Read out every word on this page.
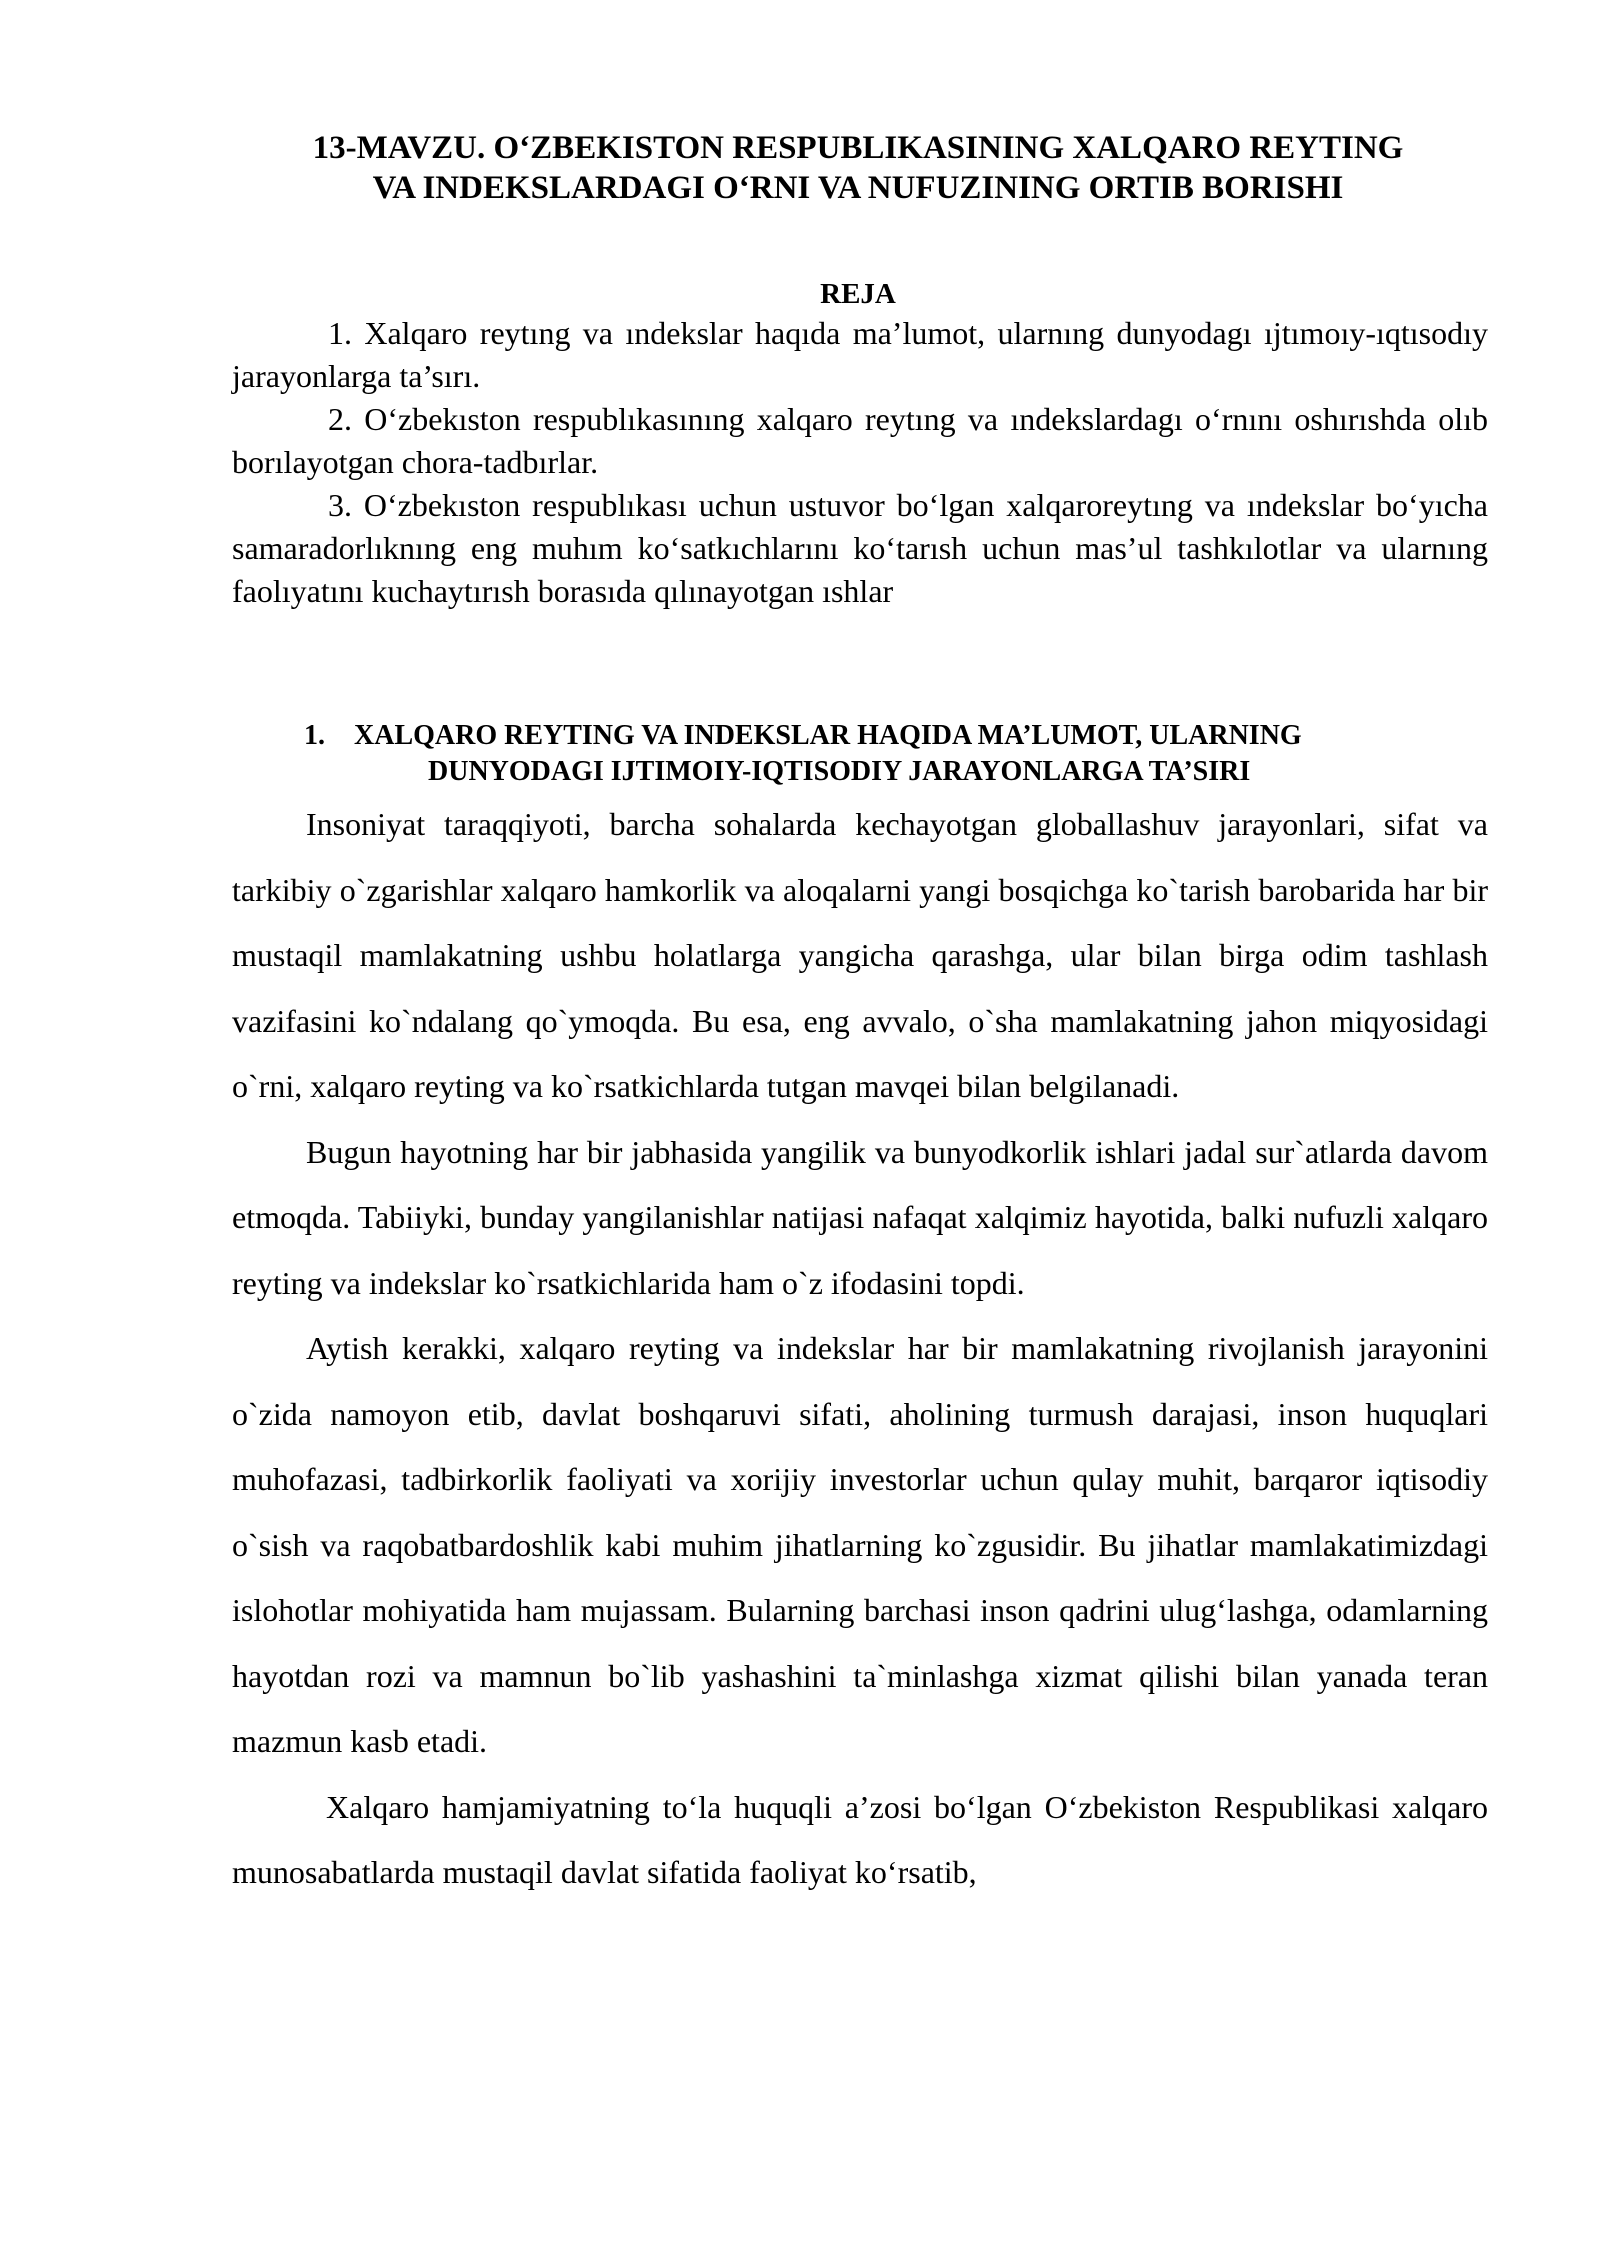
13-MAVZU. O‘ZBEKISTON RESPUBLIKASINING XALQARO REYTING
VA INDEKSLARDAGI O‘RNI VA NUFUZINING ORTIB BORISHI
REJA
1. Xalqaro reytıng va ındekslar haqıda ma’lumot, ularnıng dunyodagı ıjtımoıy-ıqtısodıy jarayonlarga ta’sırı.
2. O‘zbekıston respublıkasınıng xalqaro reytıng va ındekslardagı o‘rnını oshırıshda olıb borılayotgan chora-tadbırlar.
3. O‘zbekıston respublıkası uchun ustuvor bo‘lgan xalqaroreytıng va ındekslar bo‘yıcha samaradorlıknıng eng muhım ko‘satkıchlarını ko‘tarısh uchun mas’ul tashkılotlar va ularnıng faolıyatını kuchaytırısh borasıda qılınayotgan ıshlar
1. XALQARO REYTING VA INDEKSLAR HAQIDA MA’LUMOT, ULARNING
DUNYODAGI IJTIMOIY-IQTISODIY JARAYONLARGA TA’SIRI

Insoniyat taraqqiyoti, barcha sohalarda kechayotgan globallashuv jarayonlari, sifat va tarkibiy o`zgarishlar xalqaro hamkorlik va aloqalarni yangi bosqichga ko`tarish barobarida har bir mustaqil mamlakatning ushbu holatlarga yangicha qarashga, ular bilan birga odim tashlash vazifasini ko`ndalang qo`ymoqda. Bu esa, eng avvalo, o`sha mamlakatning jahon miqyosidagi o`rni, xalqaro reyting va ko`rsatkichlarda tutgan mavqei bilan belgilanadi.

Bugun hayotning har bir jabhasida yangilik va bunyodkorlik ishlari jadal sur`atlarda davom etmoqda. Tabiiyki, bunday yangilanishlar natijasi nafaqat xalqimiz hayotida, balki nufuzli xalqaro reyting va indekslar ko`rsatkichlarida ham o`z ifodasini topdi.

Aytish kerakki, xalqaro reyting va indekslar har bir mamlakatning rivojlanish jarayonini o`zida namoyon etib, davlat boshqaruvi sifati, aholining turmush darajasi, inson huquqlari muhofazasi, tadbirkorlik faoliyati va xorijiy investorlar uchun qulay muhit, barqaror iqtisodiy o`sish va raqobatbardoshlik kabi muhim jihatlarning ko`zgusidir. Bu jihatlar mamlakatimizdagi islohotlar mohiyatida ham mujassam. Bularning barchasi inson qadrini ulug‘lashga, odamlarning hayotdan rozi va mamnun bo`lib yashashini ta`minlashga xizmat qilishi bilan yanada teran mazmun kasb etadi.

Xalqaro hamjamiyatning to‘la huquqli a’zosi bo‘lgan O‘zbekiston Respublikasi xalqaro munosabatlarda mustaqil davlat sifatida faoliyat ko‘rsatib,
